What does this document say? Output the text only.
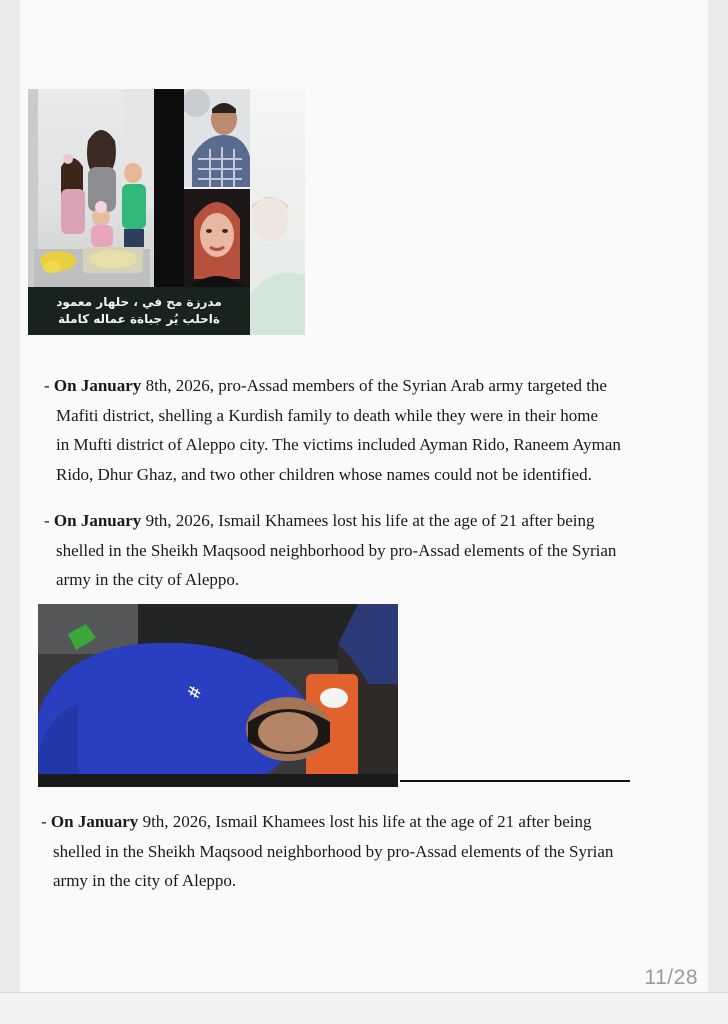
مدرزة مح في ، حلهار معمود
ةاحلب يُر جباةة عماله كاملة
- On January 8th, 2026, pro-Assad members of the Syrian Arab army targeted the
Mafiti district, shelling a Kurdish family to death while they were in their home
in Mufti district of Aleppo city. The victims included Ayman Rido, Raneem Ayman
Rido, Dhur Ghaz, and two other children whose names could not be identified.
- On January 9th, 2026, Ismail Khamees lost his life at the age of 21 after being
shelled in the Sheikh Maqsood neighborhood by pro-Assad elements of the Syrian
army in the city of Aleppo.
#
- On January 9th, 2026, Ismail Khamees lost his life at the age of 21 after being
shelled in the Sheikh Maqsood neighborhood by pro-Assad elements of the Syrian
army in the city of Aleppo.
11/28
